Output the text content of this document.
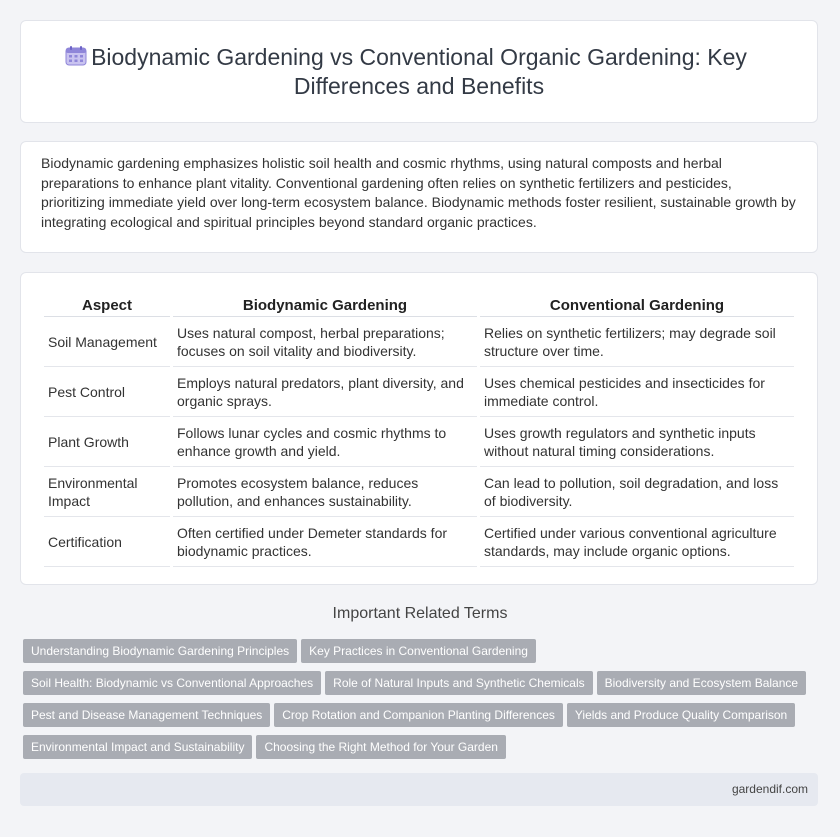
Biodynamic Gardening vs Conventional Organic Gardening: Key Differences and Benefits

Biodynamic gardening emphasizes holistic soil health and cosmic rhythms, using natural composts and herbal preparations to enhance plant vitality. Conventional gardening often relies on synthetic fertilizers and pesticides, prioritizing immediate yield over long-term ecosystem balance. Biodynamic methods foster resilient, sustainable growth by integrating ecological and spiritual principles beyond standard organic practices.

Aspect	Biodynamic Gardening	Conventional Gardening
Soil Management	Uses natural compost, herbal preparations; focuses on soil vitality and biodiversity.	Relies on synthetic fertilizers; may degrade soil structure over time.
Pest Control	Employs natural predators, plant diversity, and organic sprays.	Uses chemical pesticides and insecticides for immediate control.
Plant Growth	Follows lunar cycles and cosmic rhythms to enhance growth and yield.	Uses growth regulators and synthetic inputs without natural timing considerations.
Environmental Impact	Promotes ecosystem balance, reduces pollution, and enhances sustainability.	Can lead to pollution, soil degradation, and loss of biodiversity.
Certification	Often certified under Demeter standards for biodynamic practices.	Certified under various conventional agriculture standards, may include organic options.
Important Related Terms
Understanding Biodynamic Gardening Principles Key Practices in Conventional Gardening
Soil Health: Biodynamic vs Conventional Approaches Role of Natural Inputs and Synthetic Chemicals Biodiversity and Ecosystem Balance
Pest and Disease Management Techniques Crop Rotation and Companion Planting Differences Yields and Produce Quality Comparison
Environmental Impact and Sustainability Choosing the Right Method for Your Garden
gardendif.com
